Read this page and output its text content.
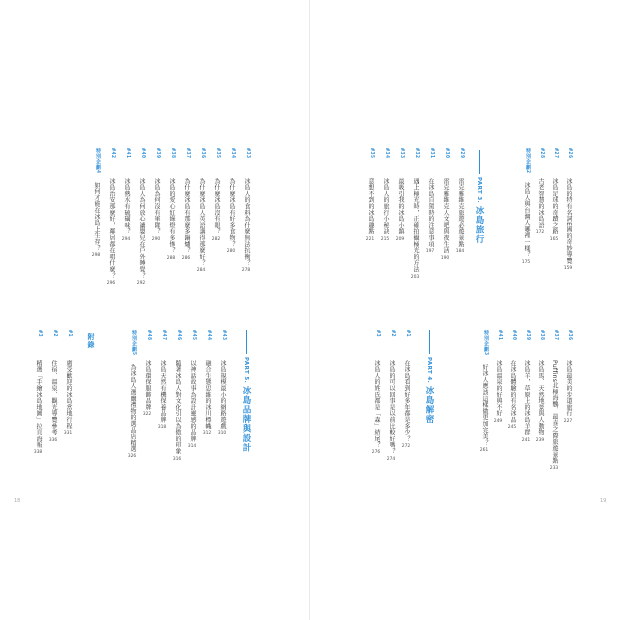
18
#33
冰島人的食料為什麼無法抗衡？
278
#34
為什麼冰島有好多食物？
280
#35
為什麼冰島沒有眼？
282
#36
為什麼冰島人英語講得那麼好？
284
#37
為什麼冰島有那麼多鍋爐？
286
#38
冰島的愛心紅綠燈有多慘？
288
#39
冰島為何沒有軍隊？
290
#40
冰島人為何放心讓嬰兒在戶外睡覺？
292
#41
冰島熱水有硫磺味？
294
#42
冰島治安那麼好，鄰居都在唱什麼？
296
特別企劃4
如何才能在冰島上生存？
298
PART 5.
冰島品牌與設計
#43
冰島規模最小的網路遊戲
310
#44
融合生態思維的冰川標幟
312
#45
以神話故事為設計靈感的品牌
314
#46
隨著冰島人對文化引以為傲的印象
316
#47
冰島天然有機保養品牌
318
#48
冰島環保服飾品牌
322
特別企劃5
為冰島人選購禮物的選品店精選
326
附錄
#1
廣受歡迎的冰島當地行程
331
#2
住宿、溫泉、觀光導覽參考
336
#3
精選「手繪冰島地圖」拉頁海報
338
19
#26
冰島的特有名詞E國的奇妙導覽
159
#27
冰島足球的奇蹟之路
165
#28
古老智慧的冰島語
172
特別企劃2
冰島人與台灣人哪裡一樣？
175
PART 3.
冰島旅行
#29
雷克雅維克旅遊必遊景點
184
#30
雷克雅維克人文吧與夜生活
190
#31
在冰島自駕時的注意事項
197
#32
遇上極光時，正確拍攝極光的方法
203
#33
最吸引我的冰島小鎮
209
#34
冰島人的旅行小秘訣
215
#35
意想不到的冰島趣點
221
#36
冰島最美的步道旅行
227
#37
Puffins北極海鸚．最喜之際旅遊景點
233
#38
冰島馬、天然地景與人動物
239
#39
冰島羊，草原上的冰島羊群
241
#40
在冰島體驗的有名冰品
245
#41
冰島溫泉的好與不好
249
特別企劃3
好冰人應該這樣做更加完美？
261
PART 4.
冰島解密
#1
在冰島看到好多年都是多少？
272
#2
冰島的可以回事是以前比較好嗎？
274
#3
冰島人的姓氏都是「森」結尾？
276
